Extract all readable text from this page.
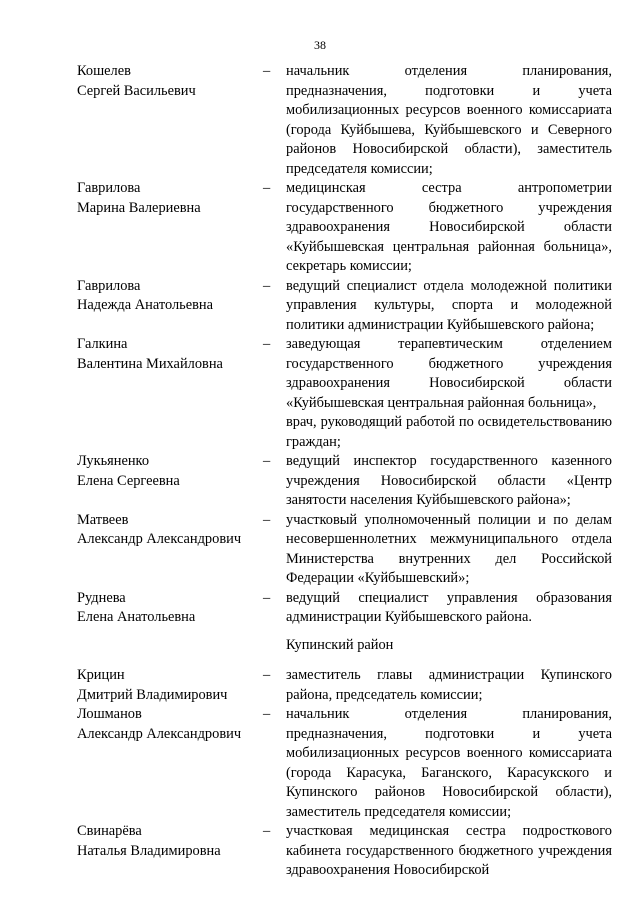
38
Кошелев
Сергей Васильевич
–	начальник отделения планирования, предназначения, подготовки и учета мобилизационных ресурсов военного комиссариата (города Куйбышева, Куйбышевского и Северного районов Новосибирской области), заместитель председателя комиссии;
Гаврилова
Марина Валериевна
–	медицинская сестра антропометрии государственного бюджетного учреждения здравоохранения Новосибирской области «Куйбышевская центральная районная больница», секретарь комиссии;
Гаврилова
Надежда Анатольевна
–	ведущий специалист отдела молодежной политики управления культуры, спорта и молодежной политики администрации Куйбышевского района;
Галкина
Валентина Михайловна
–	заведующая терапевтическим отделением государственного бюджетного учреждения здравоохранения Новосибирской области «Куйбышевская центральная районная больница»,
врач, руководящий работой по освидетельствованию граждан;
Лукьяненко
Елена Сергеевна
–	ведущий инспектор государственного казенного учреждения Новосибирской области «Центр занятости населения Куйбышевского района»;
Матвеев
Александр Александрович
–	участковый уполномоченный полиции и по делам несовершеннолетних межмуниципального отдела Министерства внутренних дел Российской Федерации «Куйбышевский»;
Руднева
Елена Анатольевна
–	ведущий специалист управления образования администрации Куйбышевского района.
Купинский район
Крицин
Дмитрий Владимирович
–	заместитель главы администрации Купинского района, председатель комиссии;
Лошманов
Александр Александрович
–	начальник отделения планирования, предназначения, подготовки и учета мобилизационных ресурсов военного комиссариата (города Карасука, Баганского, Карасукского и Купинского районов Новосибирской области), заместитель председателя комиссии;
Свинарёва
Наталья Владимировна
–	участковая медицинская сестра подросткового кабинета государственного бюджетного учреждения здравоохранения Новосибирской
